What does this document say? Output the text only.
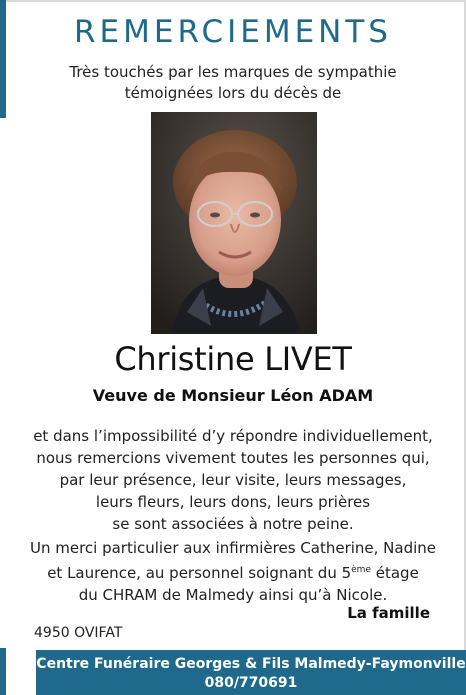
REMERCIEMENTS
Très touchés par les marques de sympathie
témoignées lors du décès de
Christine LIVET
Veuve de Monsieur Léon ADAM
et dans l’impossibilité d’y répondre individuellement,
nous remercions vivement toutes les personnes qui,
par leur présence, leur visite, leurs messages,
leurs fleurs, leurs dons, leurs prières
se sont associées à notre peine.
Un merci particulier aux infirmières Catherine, Nadine
et Laurence, au personnel soignant du 5ème étage
du CHRAM de Malmedy ainsi qu’à Nicole.
La famille
4950 OVIFAT
Centre Funéraire Georges & Fils Malmedy-Faymonville
080/770691
